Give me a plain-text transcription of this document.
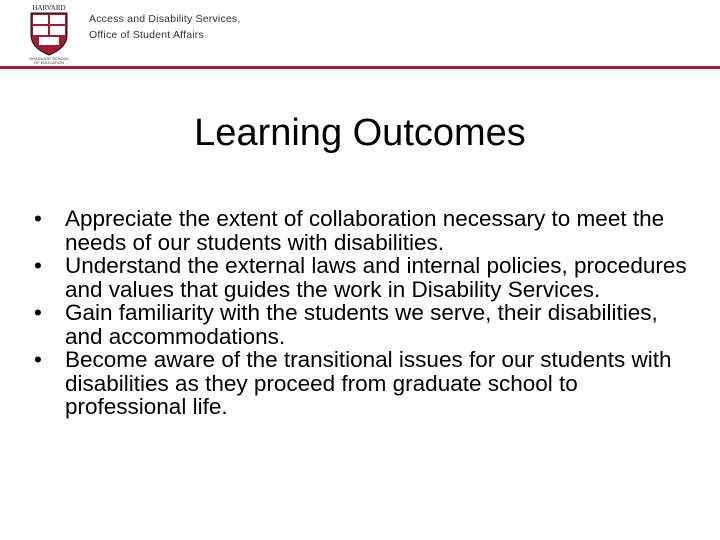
HARVARD
GRADUATE SCHOOL
OF EDUCATION
Access and Disability Services,
Office of Student Affairs
Learning Outcomes
• Appreciate the extent of collaboration necessary to meet the needs of our students with disabilities.
• Understand the external laws and internal policies, procedures and values that guides the work in Disability Services.
• Gain familiarity with the students we serve, their disabilities, and accommodations.
• Become aware of the transitional issues for our students with disabilities as they proceed from graduate school to professional life.
